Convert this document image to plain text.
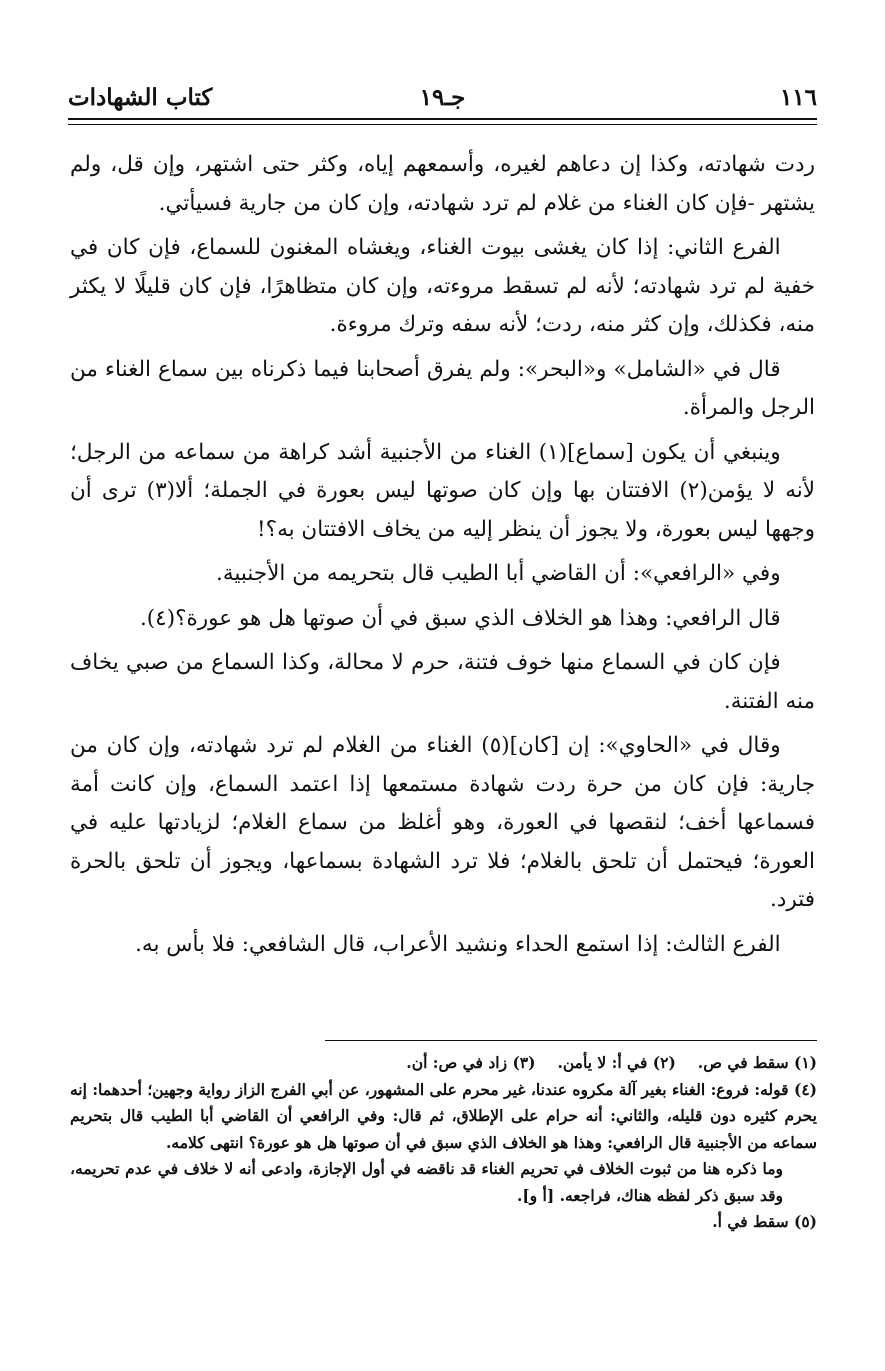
١١٦
جـ١٩
كتاب الشهادات

ردت شهادته، وكذا إن دعاهم لغيره، وأسمعهم إياه، وكثر حتى اشتهر، وإن قل، ولم يشتهر -فإن كان الغناء من غلام لم ترد شهادته، وإن كان من جارية فسيأتي.

الفرع الثاني: إذا كان يغشى بيوت الغناء، ويغشاه المغنون للسماع، فإن كان في خفية لم ترد شهادته؛ لأنه لم تسقط مروءته، وإن كان متظاهرًا، فإن كان قليلًا لا يكثر منه، فكذلك، وإن كثر منه، ردت؛ لأنه سفه وترك مروءة.

قال في «الشامل» و«البحر»: ولم يفرق أصحابنا فيما ذكرناه بين سماع الغناء من الرجل والمرأة.

وينبغي أن يكون [سماع](١) الغناء من الأجنبية أشد كراهة من سماعه من الرجل؛ لأنه لا يؤمن(٢) الافتتان بها وإن كان صوتها ليس بعورة في الجملة؛ ألا(٣) ترى أن وجهها ليس بعورة، ولا يجوز أن ينظر إليه من يخاف الافتتان به؟!

وفي «الرافعي»: أن القاضي أبا الطيب قال بتحريمه من الأجنبية.

قال الرافعي: وهذا هو الخلاف الذي سبق في أن صوتها هل هو عورة؟(٤).

فإن كان في السماع منها خوف فتنة، حرم لا محالة، وكذا السماع من صبي يخاف منه الفتنة.

وقال في «الحاوي»: إن [كان](٥) الغناء من الغلام لم ترد شهادته، وإن كان من جارية: فإن كان من حرة ردت شهادة مستمعها إذا اعتمد السماع، وإن كانت أمة فسماعها أخف؛ لنقصها في العورة، وهو أغلظ من سماع الغلام؛ لزيادتها عليه في العورة؛ فيحتمل أن تلحق بالغلام؛ فلا ترد الشهادة بسماعها، ويجوز أن تلحق بالحرة فترد.

الفرع الثالث: إذا استمع الحداء ونشيد الأعراب، قال الشافعي: فلا بأس به.

(١) سقط في ص.
(٢) في أ: لا يأمن.
(٣) زاد في ص: أن.

(٤) قوله: فروع: الغناء بغير آلة مكروه عندنا، غير محرم على المشهور، عن أبي الفرج الزاز رواية وجهين؛ أحدهما: إنه يحرم كثيره دون قليله، والثاني: أنه حرام على الإطلاق، ثم قال: وفي الرافعي أن القاضي أبا الطيب قال بتحريم سماعه من الأجنبية قال الرافعي: وهذا هو الخلاف الذي سبق في أن صوتها هل هو عورة؟ انتهى كلامه.

وما ذكره هنا من ثبوت الخلاف في تحريم الغناء قد ناقضه في أول الإجازة، وادعى أنه لا خلاف في عدم تحريمه، وقد سبق ذكر لفظه هناك، فراجعه. [أ و].

(٥) سقط في أ.
